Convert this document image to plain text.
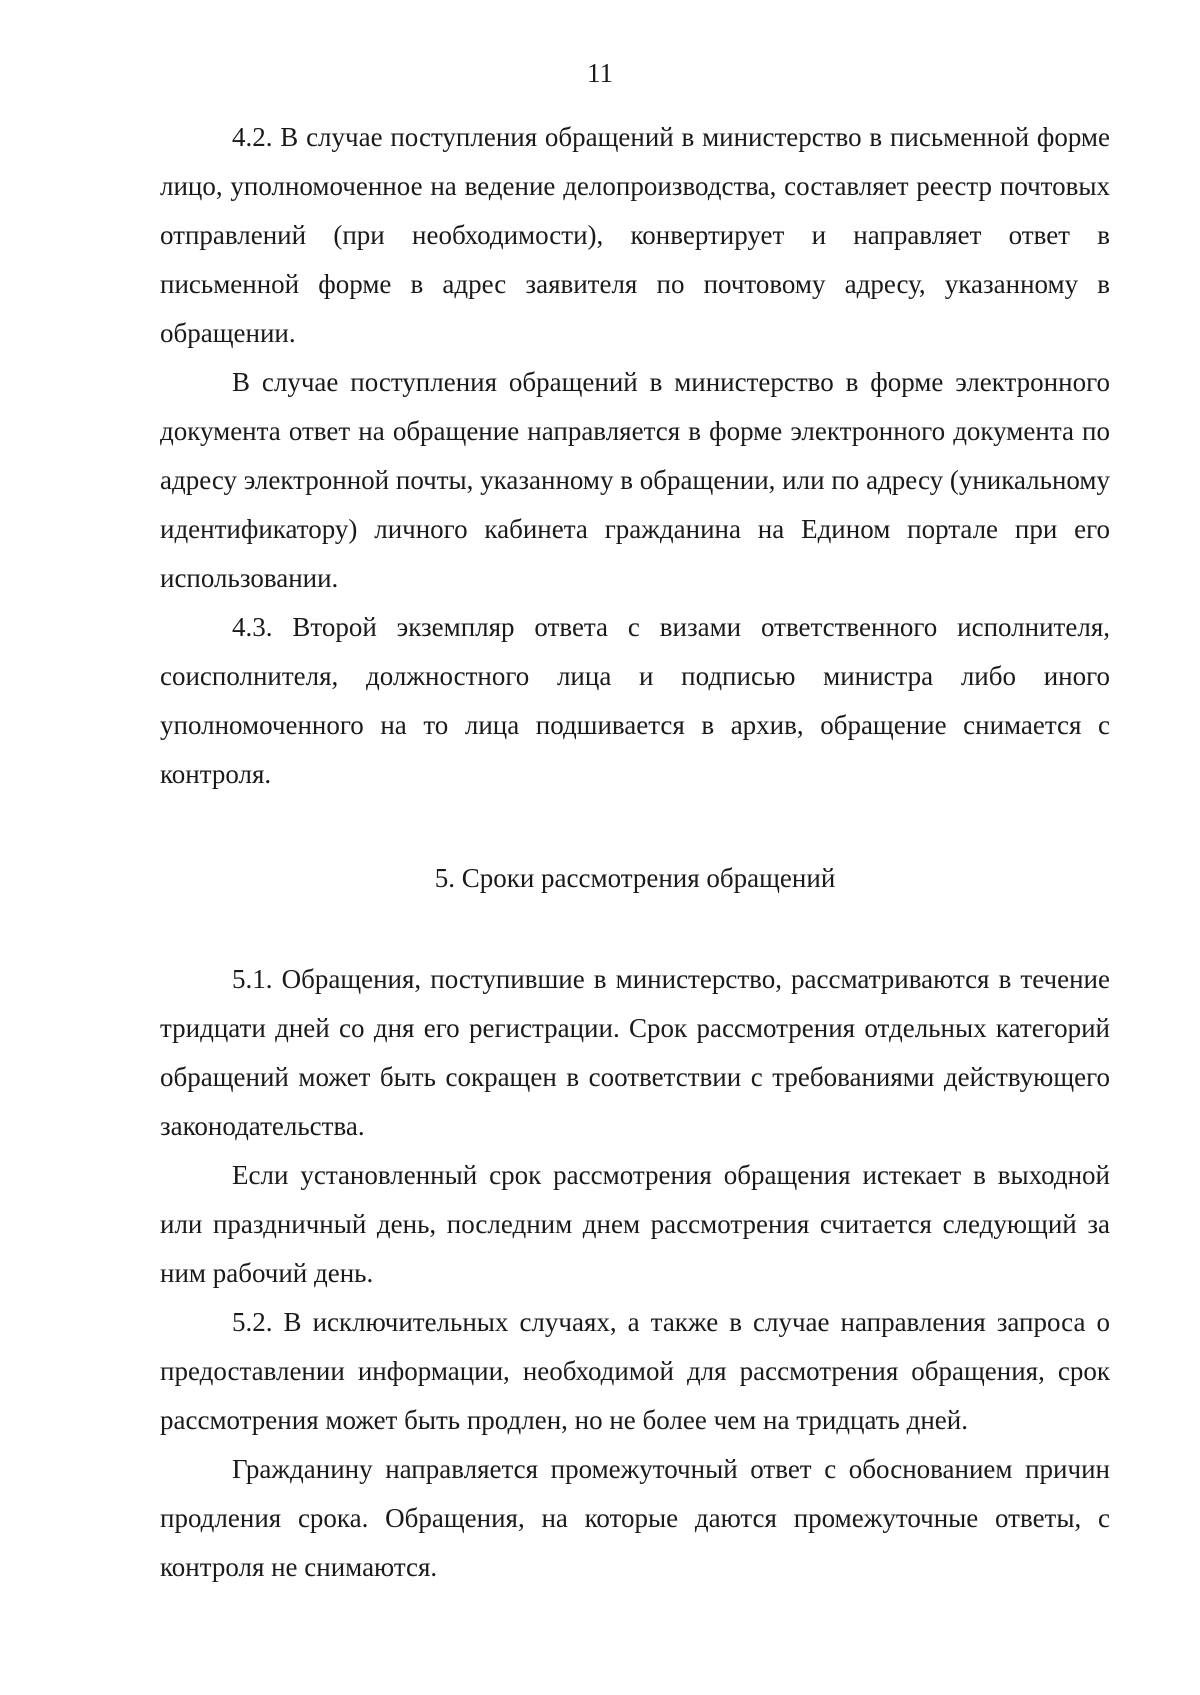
11

4.2. В случае поступления обращений в министерство в письменной форме лицо, уполномоченное на ведение делопроизводства, составляет реестр почтовых отправлений (при необходимости), конвертирует и направляет ответ в письменной форме в адрес заявителя по почтовому адресу, указанному в обращении.

В случае поступления обращений в министерство в форме электронного документа ответ на обращение направляется в форме электронного документа по адресу электронной почты, указанному в обращении, или по адресу (уникальному идентификатору) личного кабинета гражданина на Едином портале при его использовании.

4.3. Второй экземпляр ответа с визами ответственного исполнителя, соисполнителя, должностного лица и подписью министра либо иного уполномоченного на то лица подшивается в архив, обращение снимается с контроля.

5. Сроки рассмотрения обращений

5.1. Обращения, поступившие в министерство, рассматриваются в течение тридцати дней со дня его регистрации. Срок рассмотрения отдельных категорий обращений может быть сокращен в соответствии с требованиями действующего законодательства.

Если установленный срок рассмотрения обращения истекает в выходной или праздничный день, последним днем рассмотрения считается следующий за ним рабочий день.

5.2. В исключительных случаях, а также в случае направления запроса о предоставлении информации, необходимой для рассмотрения обращения, срок рассмотрения может быть продлен, но не более чем на тридцать дней.

Гражданину направляется промежуточный ответ с обоснованием причин продления срока. Обращения, на которые даются промежуточные ответы, с контроля не снимаются.
